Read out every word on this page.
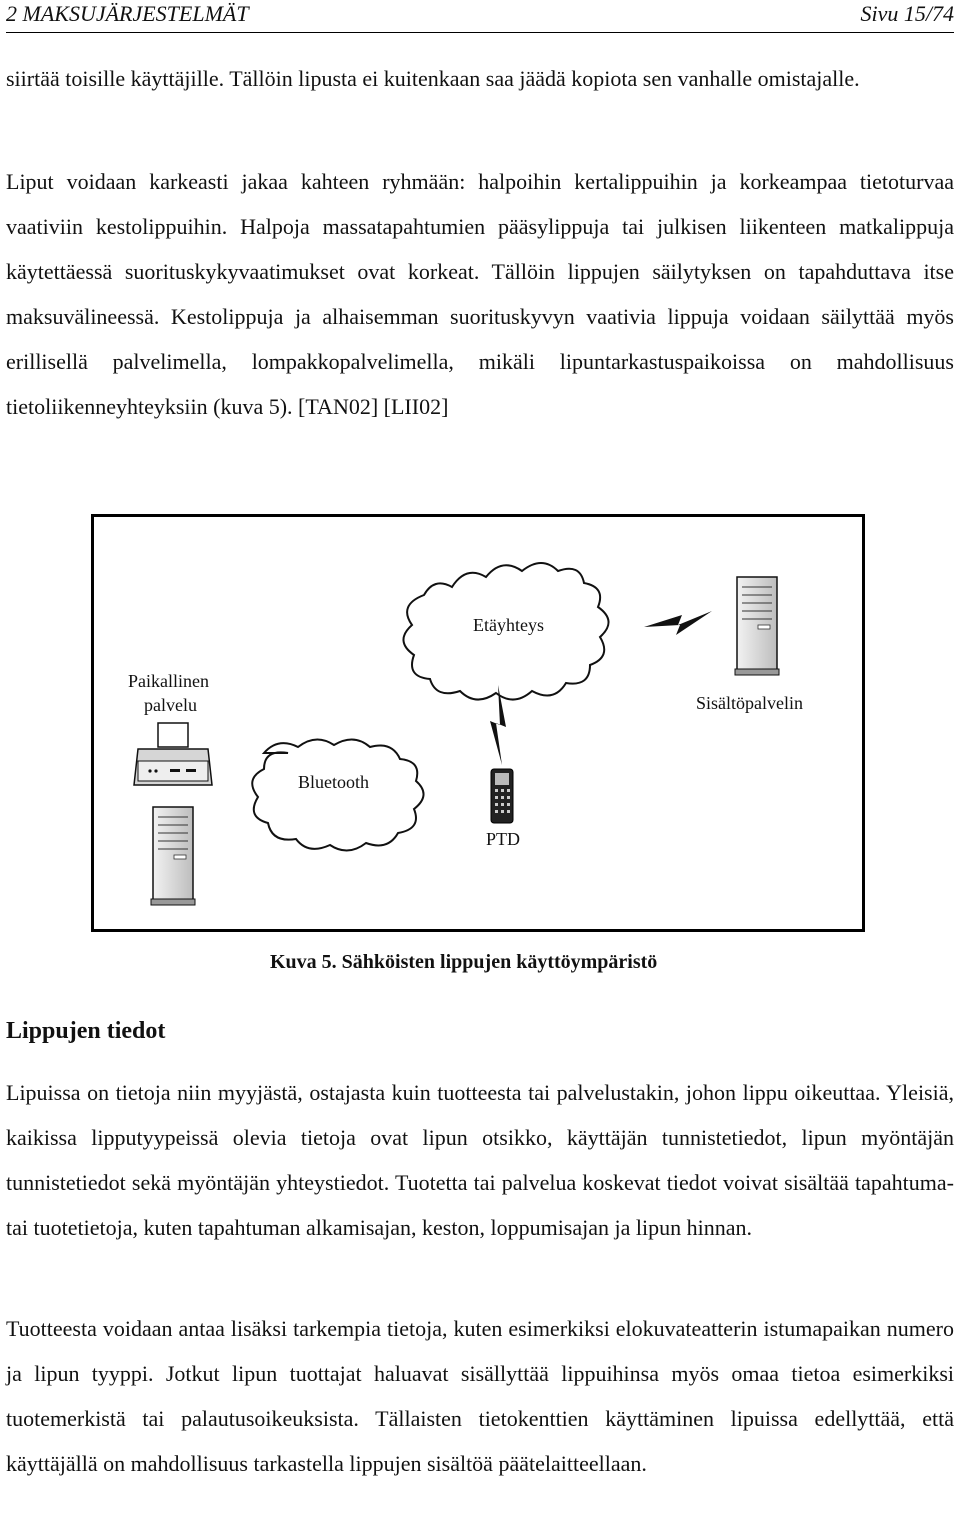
2 MAKSUJÄRJESTELMÄT	Sivu 15/74

siirtää toisille käyttäjille. Tällöin lipusta ei kuitenkaan saa jäädä kopiota sen vanhalle omistajalle.

Liput voidaan karkeasti jakaa kahteen ryhmään: halpoihin kertalippuihin ja korkeampaa tietoturvaa vaativiin kestolippuihin. Halpoja massatapahtumien pääsylippuja tai julkisen liikenteen matkalippuja käytettäessä suorituskykyvaatimukset ovat korkeat. Tällöin lippujen säilytyksen on tapahduttava itse maksuvälineessä. Kestolippuja ja alhaisemman suorituskyvyn vaativia lippuja voidaan säilyttää myös erillisellä palvelimella, lompakkopalvelimella, mikäli lipuntarkastuspaikoissa on mahdollisuus tietoliikenneyhteyksiin (kuva 5). [TAN02] [LII02]

Etäyhteys
Paikallinen
palvelu	Sisältöpalvelin
Bluetooth
PTD
Kuva 5. Sähköisten lippujen käyttöympäristö
Lippujen tiedot

Lipuissa on tietoja niin myyjästä, ostajasta kuin tuotteesta tai palvelustakin, johon lippu oikeuttaa. Yleisiä, kaikissa lipputyypeissä olevia tietoja ovat lipun otsikko, käyttäjän tunnistetiedot, lipun myöntäjän tunnistetiedot sekä myöntäjän yhteystiedot. Tuotetta tai palvelua koskevat tiedot voivat sisältää tapahtuma- tai tuotetietoja, kuten tapahtuman alkamisajan, keston, loppumisajan ja lipun hinnan.

Tuotteesta voidaan antaa lisäksi tarkempia tietoja, kuten esimerkiksi elokuvateatterin istumapaikan numero ja lipun tyyppi. Jotkut lipun tuottajat haluavat sisällyttää lippuihinsa myös omaa tietoa esimerkiksi tuotemerkistä tai palautusoikeuksista. Tällaisten tietokenttien käyttäminen lipuissa edellyttää, että käyttäjällä on mahdollisuus tarkastella lippujen sisältöä päätelaitteellaan.
